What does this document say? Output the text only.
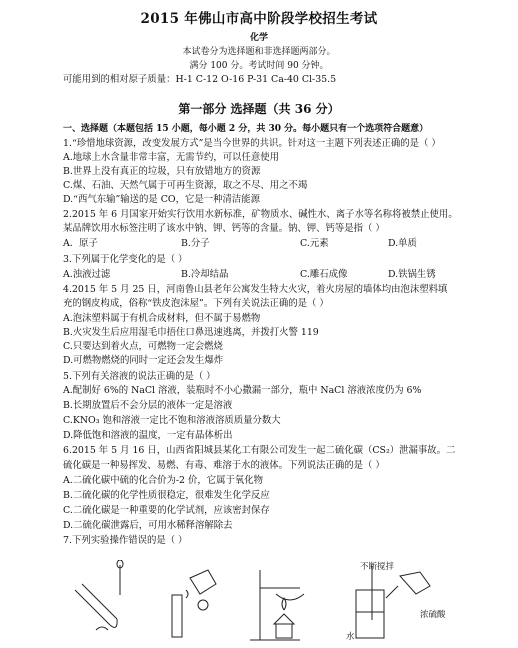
2015 年佛山市高中阶段学校招生考试
化学
本试卷分为选择题和非选择题两部分。
满分 100 分。考试时间 90 分钟。
可能用到的相对原子质量：H-1 C-12 O-16 P-31 Ca-40 Cl-35.5
第一部分 选择题（共 36 分）
一、选择题（本题包括 15 小题，每小题 2 分，共 30 分。每小题只有一个选项符合题意）
1.“珍惜地球资源，改变发展方式”是当今世界的共识。针对这一主题下列表述正确的是（ ）
A.地球上水含量非常丰富，无需节约，可以任意使用
B.世界上没有真正的垃圾，只有放错地方的资源
C.煤、石油、天然气属于可再生资源，取之不尽、用之不竭
D.“西气东输”输送的是 CO，它是一种清洁能源
2.2015 年 6 月国家开始实行饮用水新标准，矿物质水、碱性水、离子水等名称将被禁止使用。
某品牌饮用水标签注明了该水中钠、钾、钙等的含量。钠、钾、钙等是指（ ）
A．原子	B.分子	C.元素	D.单质
3.下列属于化学变化的是（ ）
A.浊液过滤	B.冷却结晶	C.雕石成像	D.铁锅生锈
4.2015 年 5 月 25 日，河南鲁山县老年公寓发生特大火灾，着火房屋的墙体均由泡沫塑料填
充的钢皮构成，俗称“铁皮泡沫屋”。下列有关说法正确的是（ ）
A.泡沫塑料属于有机合成材料，但不属于易燃物
B.火灾发生后应用湿毛巾捂住口鼻迅速逃离，并拨打火警 119
C.只要达到着火点，可燃物一定会燃烧
D.可燃物燃烧的同时一定还会发生爆炸
5.下列有关溶液的说法正确的是（ ）
A.配制好 6%的 NaCl 溶液，装瓶时不小心撒漏一部分，瓶中 NaCl 溶液浓度仍为 6%
B.长期放置后不会分层的液体一定是溶液
C.KNO₃ 饱和溶液一定比不饱和溶液溶质质量分数大
D.降低饱和溶液的温度，一定有晶体析出
6.2015 年 5 月 16 日，山西省阳城县某化工有限公司发生一起二硫化碳（CS₂）泄漏事故。二
硫化碳是一种易挥发、易燃、有毒、难溶于水的液体。下列说法正确的是（ ）
A.二硫化碳中硫的化合价为-2 价，它属于氧化物
B.二硫化碳的化学性质很稳定，很难发生化学反应
C.二硫化碳是一种重要的化学试剂，应该密封保存
D.二硫化碳泄露后，可用水稀释溶解除去
7.下列实验操作错误的是（ ）
不断搅拌
浓硫酸
水
